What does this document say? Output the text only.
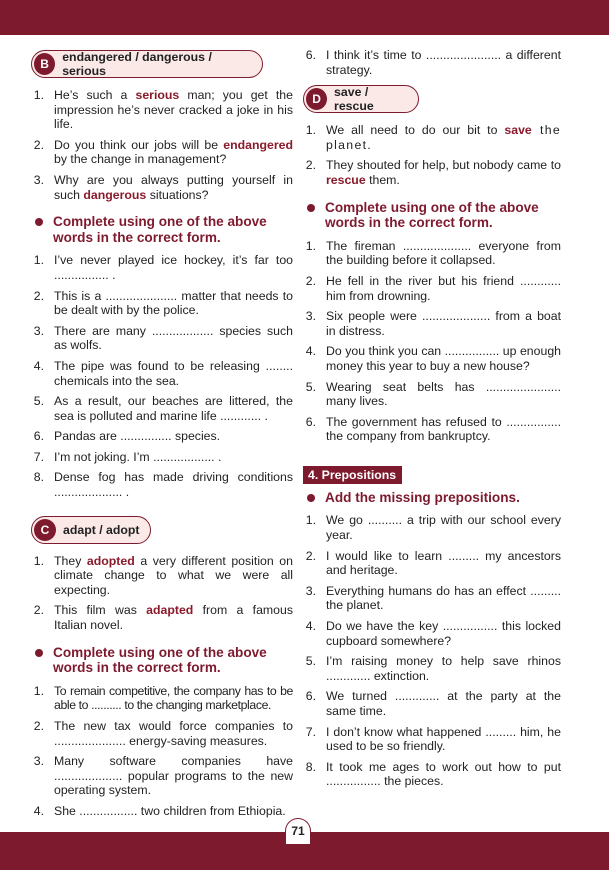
B	endangered / dangerous / serious
1. He’s such a serious man; you get the impression he’s never cracked a joke in his life.
2. Do you think our jobs will be endangered by the change in management?
3. Why are you always putting yourself in such dangerous situations?
Complete using one of the above words in the correct form.
1. I’ve never played ice hockey, it’s far too ................ .
2. This is a ..................... matter that needs to be dealt with by the police.
3. There are many .................. species such as wolfs.
4. The pipe was found to be releasing ........ chemicals into the sea.
5. As a result, our beaches are littered, the sea is polluted and marine life ............ .
6. Pandas are ............... species.
7. I’m not joking. I’m .................. .
8. Dense fog has made driving conditions .................... .
C	adapt / adopt
1. They adopted a very different position on climate change to what we were all expecting.
2. This film was adapted from a famous Italian novel.
Complete using one of the above words in the correct form.
1. To remain competitive, the company has to be able to .......... to the changing marketplace.
2. The new tax would force companies to ..................... energy-saving measures.
3. Many software companies have .................... popular programs to the new operating system.
4. She ................. two children from Ethiopia.
6. I think it’s time to ...................... a different strategy.
D	save / rescue
1. We all need to do our bit to save the planet.
2. They shouted for help, but nobody came to rescue them.
Complete using one of the above words in the correct form.
1. The fireman .................... everyone from the building before it collapsed.
2. He fell in the river but his friend ............ him from drowning.
3. Six people were .................... from a boat in distress.
4. Do you think you can ................ up enough money this year to buy a new house?
5. Wearing seat belts has ...................... many lives.
6. The government has refused to ................ the company from bankruptcy.
4. Prepositions
Add the missing prepositions.
1. We go .......... a trip with our school every year.
2. I would like to learn ......... my ancestors and heritage.
3. Everything humans do has an effect ......... the planet.
4. Do we have the key ................ this locked cupboard somewhere?
5. I’m raising money to help save rhinos ............. extinction.
6. We turned ............. at the party at the same time.
7. I don’t know what happened ......... him, he used to be so friendly.
8. It took me ages to work out how to put ................ the pieces.
71
